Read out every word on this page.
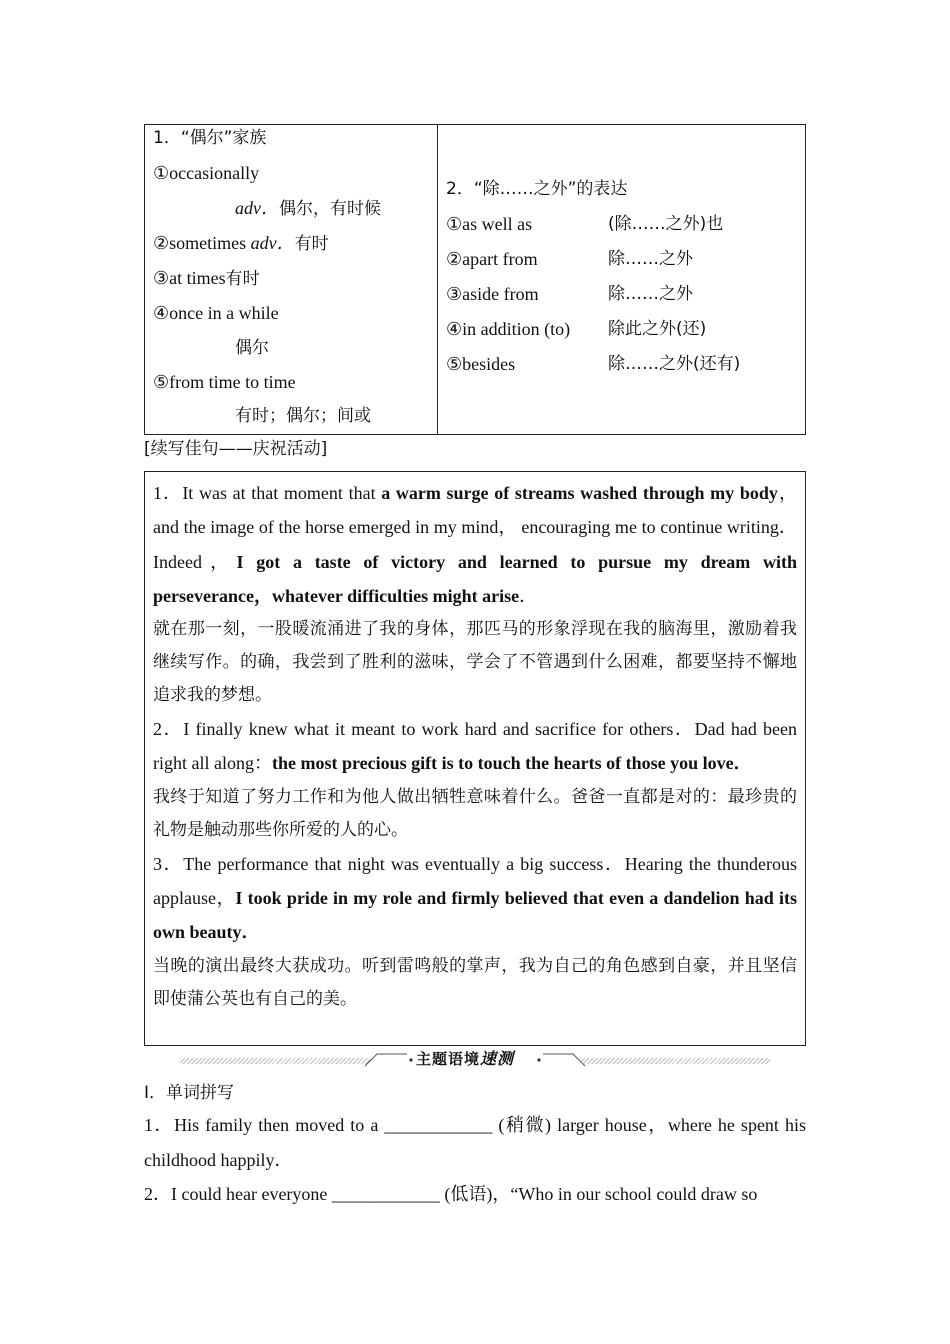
1．“偶尔”家族
①occasionally
adv．偶尔，有时候
②sometimes adv．有时
③at times有时
④once in a while
偶尔
⑤from time to time
有时；偶尔；间或
2．“除……之外”的表达
①as well as	(除……之外)也
②apart from	除……之外
③aside from	除……之外
④in addition (to) 除此之外(还)
⑤besides	除……之外(还有)
[续写佳句——庆祝活动]

1．It was at that moment that a warm surge of streams washed through my body， and the image of the horse emerged in my mind， encouraging me to continue writing．Indeed，I got a taste of victory and learned to pursue my dream with perseverance，whatever difficulties might arise．

就在那一刻，一股暖流涌进了我的身体，那匹马的形象浮现在我的脑海里，激励着我继续写作。的确，我尝到了胜利的滋味，学会了不管遇到什么困难，都要坚持不懈地追求我的梦想。

2．I finally knew what it meant to work hard and sacrifice for others．Dad had been right all along：the most precious gift is to touch the hearts of those you love．

我终于知道了努力工作和为他人做出牺牲意味着什么。爸爸一直都是对的：最珍贵的礼物是触动那些你所爱的人的心。

3．The performance that night was eventually a big success．Hearing the thunderous applause，I took pride in my role and firmly believed that even a dandelion had its own beauty．

当晚的演出最终大获成功。听到雷鸣般的掌声，我为自己的角色感到自豪，并且坚信即使蒲公英也有自己的美。

主题语境速测
Ⅰ．单词拼写
1．His family then moved to a ____________ (稍微) larger house，where he spent his childhood happily．
2．I could hear everyone ____________ (低语)，“Who in our school could draw so
